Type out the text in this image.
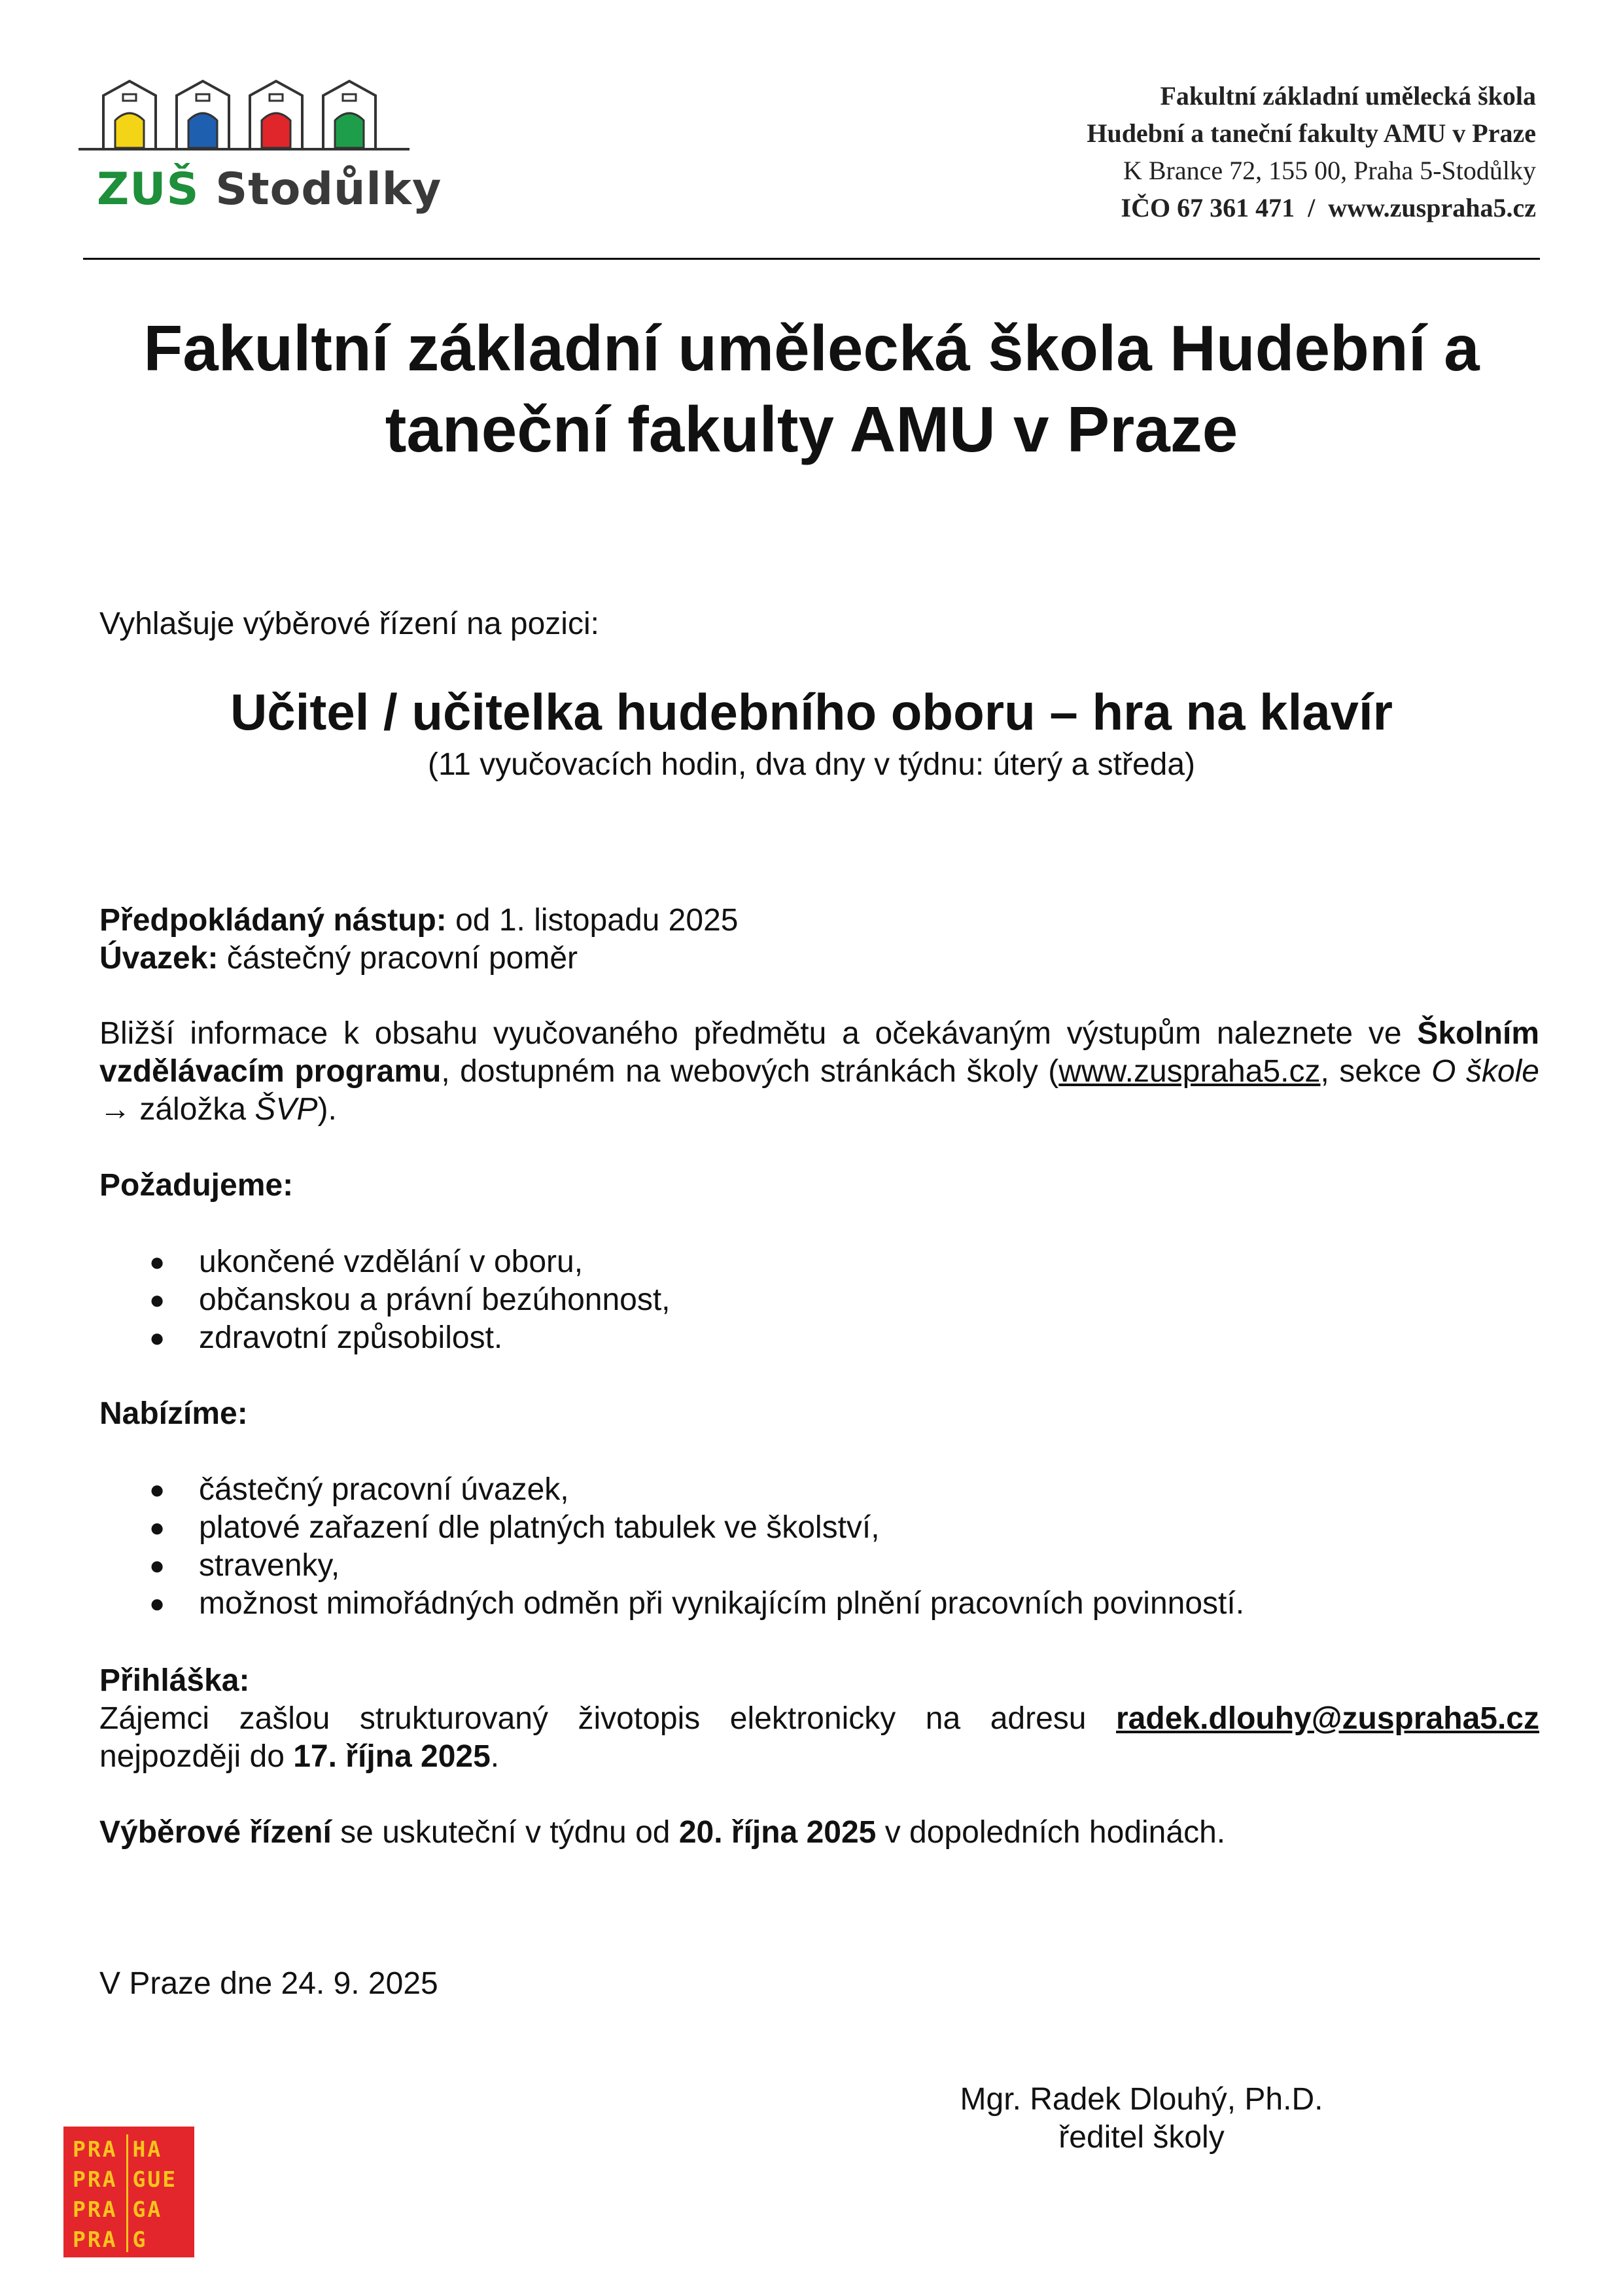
ZUŠ Stodůlky
Fakultní základní umělecká škola
Hudební a taneční fakulty AMU v Praze
K Brance 72, 155 00, Praha 5-Stodůlky
IČO 67 361 471  /  www.zuspraha5.cz
Fakultní základní umělecká škola Hudební a
taneční fakulty AMU v Praze
Vyhlašuje výběrové řízení na pozici:
Učitel / učitelka hudebního oboru – hra na klavír
(11 vyučovacích hodin, dva dny v týdnu: úterý a středa)
Předpokládaný nástup: od 1. listopadu 2025
Úvazek: částečný pracovní poměr
Bližší informace k obsahu vyučovaného předmětu a očekávaným výstupům naleznete ve Školním vzdělávacím programu, dostupném na webových stránkách školy (www.zuspraha5.cz, sekce O škole → záložka ŠVP).
Požadujeme:
● ukončené vzdělání v oboru,
● občanskou a právní bezúhonnost,
● zdravotní způsobilost.
Nabízíme:
● částečný pracovní úvazek,
● platové zařazení dle platných tabulek ve školství,
● stravenky,
● možnost mimořádných odměn při vynikajícím plnění pracovních povinností.
Přihláška:
Zájemci zašlou strukturovaný životopis elektronicky na adresu radek.dlouhy@zuspraha5.cz
nejpozději do 17. října 2025.
Výběrové řízení se uskuteční v týdnu od 20. října 2025 v dopoledních hodinách.
V Praze dne 24. 9. 2025
Mgr. Radek Dlouhý, Ph.D.
ředitel školy
PRA HA
PRA GUE
PRA GA
PRA G
